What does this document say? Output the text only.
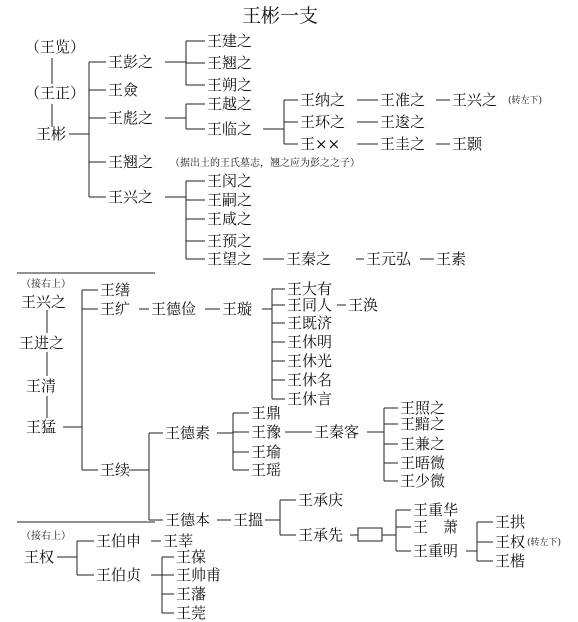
王彬一支
（王览）
（王正）
王彬
王彭之
王僉
王彪之
王翘之 （据出土的王氏墓志，翘之应为彭之之子）
王兴之
王建之
王翘之
王朔之
王越之
王临之
王纳之 王准之 王兴之 (转左下)
王环之 王逡之
王××	王圭之 王颢
王闵之
王嗣之
王咸之
王预之
王望之 王秦之 王元弘 王素
（接右上）
王兴之
王进之
王清
王猛
王缮
王纩 王德俭 王璇
王大有
王同人 王涣
王既济
王休明
王休光
王休名
王休言
王续
王德素
王鼎
王豫 王秦客
王瑜
王瑶
王照之
王黯之
王兼之
王晤微
王少微
王德本 王搵
王承庆
王承先
王重华
王　萧
王重明
王拱
王权 (转左下)
王楷
（接右上）
王权
王伯申 王莘
王伯贞
王葆
王帅甫
王藩
王莞
